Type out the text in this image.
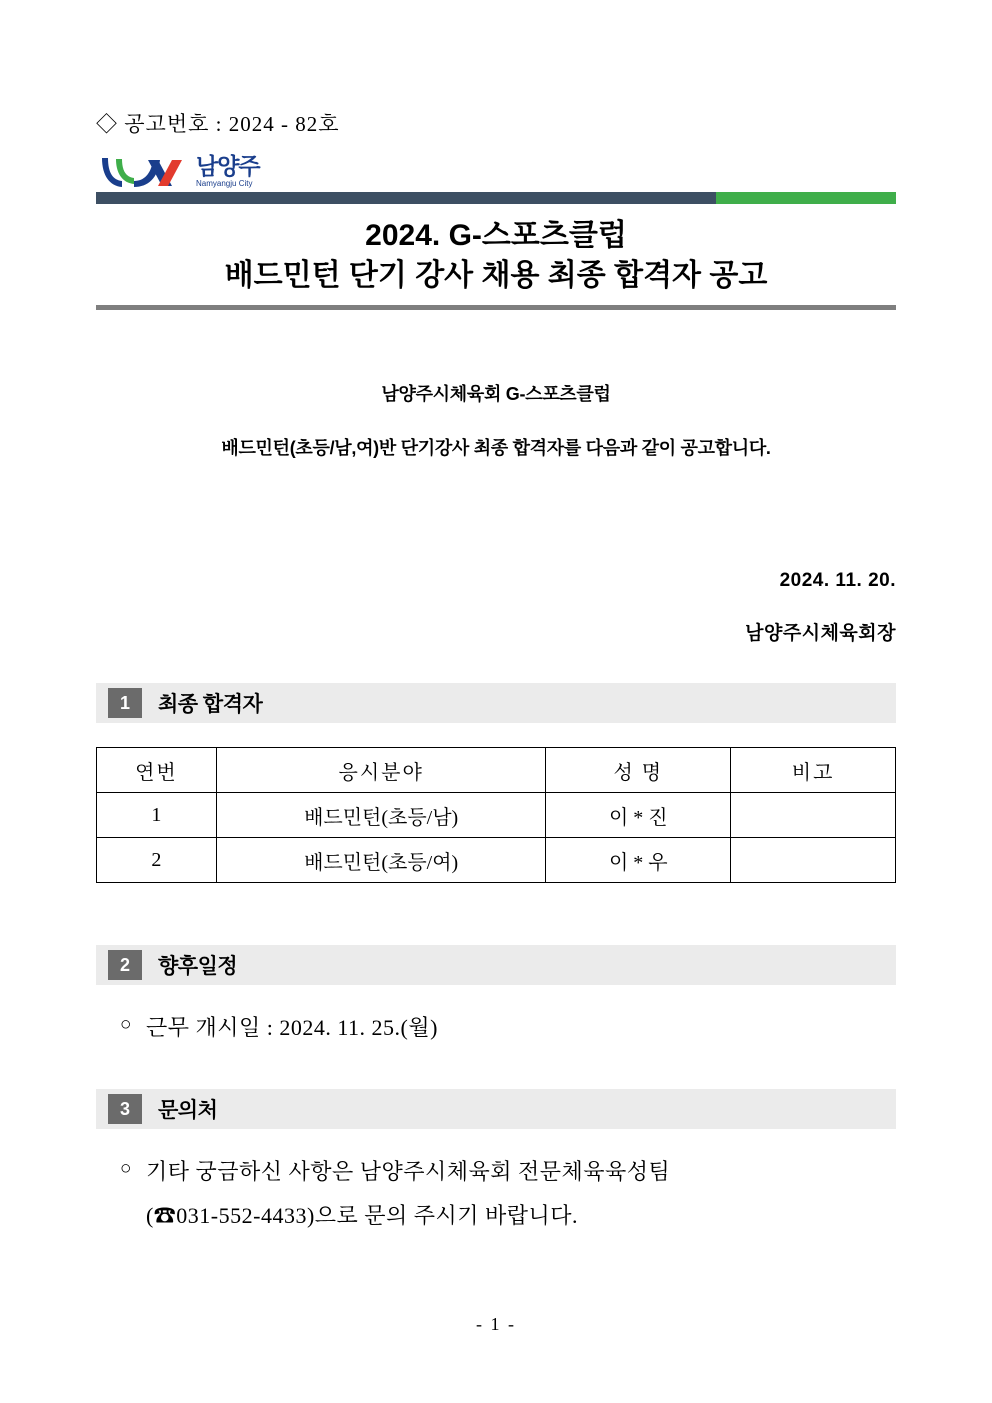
◇ 공고번호 : 2024 - 82호
남양주
Namyangju City
2024. G-스포츠클럽
배드민턴 단기 강사 채용 최종 합격자 공고
남양주시체육회 G-스포츠클럽
배드민턴(초등/남,여)반 단기강사 최종 합격자를 다음과 같이 공고합니다.
2024. 11. 20.
남양주시체육회장
1	최종 합격자
연번	응시분야	성 명	비고
1	배드민턴(초등/남)	이 * 진	
2	배드민턴(초등/여)	이 * 우	
2	향후일정
○ 근무 개시일 : 2024. 11. 25.(월)
3	문의처
○ 기타 궁금하신 사항은 남양주시체육회 전문체육육성팀
(☎031-552-4433)으로 문의 주시기 바랍니다.
- 1 -
